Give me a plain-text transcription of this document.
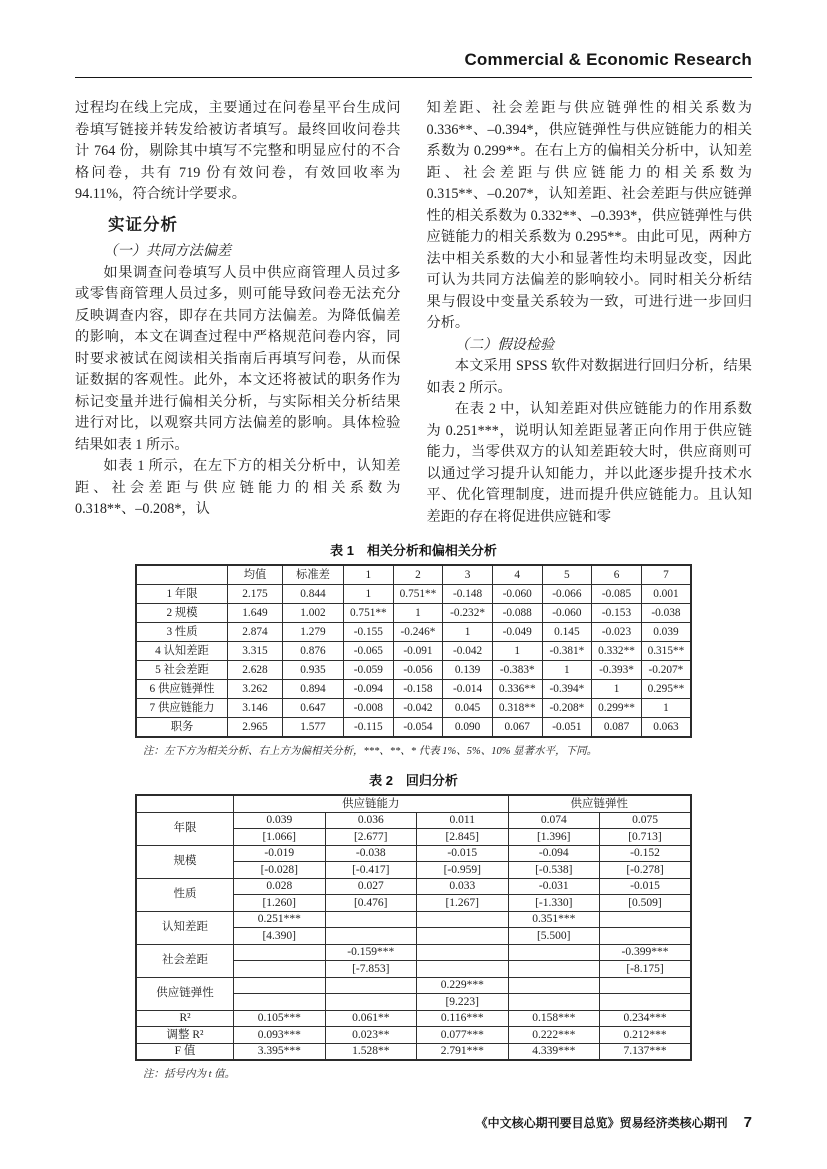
Commercial & Economic Research

过程均在线上完成，主要通过在问卷星平台生成问卷填写链接并转发给被访者填写。最终回收问卷共计 764 份，剔除其中填写不完整和明显应付的不合格问卷，共有 719 份有效问卷，有效回收率为 94.11%，符合统计学要求。

实证分析

（一）共同方法偏差

如果调查问卷填写人员中供应商管理人员过多或零售商管理人员过多，则可能导致问卷无法充分反映调查内容，即存在共同方法偏差。为降低偏差的影响，本文在调查过程中严格规范问卷内容，同时要求被试在阅读相关指南后再填写问卷，从而保证数据的客观性。此外，本文还将被试的职务作为标记变量并进行偏相关分析，与实际相关分析结果进行对比，以观察共同方法偏差的影响。具体检验结果如表 1 所示。

如表 1 所示，在左下方的相关分析中，认知差距、社会差距与供应链能力的相关系数为 0.318**、–0.208*，认

知差距、社会差距与供应链弹性的相关系数为 0.336**、–0.394*，供应链弹性与供应链能力的相关系数为 0.299**。在右上方的偏相关分析中，认知差距、社会差距与供应链能力的相关系数为 0.315**、–0.207*，认知差距、社会差距与供应链弹性的相关系数为 0.332**、–0.393*，供应链弹性与供应链能力的相关系数为 0.295**。由此可见，两种方法中相关系数的大小和显著性均未明显改变，因此可认为共同方法偏差的影响较小。同时相关分析结果与假设中变量关系较为一致，可进行进一步回归分析。

（二）假设检验

本文采用 SPSS 软件对数据进行回归分析，结果如表 2 所示。

在表 2 中，认知差距对供应链能力的作用系数为 0.251***，说明认知差距显著正向作用于供应链能力，当零供双方的认知差距较大时，供应商则可以通过学习提升认知能力，并以此逐步提升技术水平、优化管理制度，进而提升供应链能力。且认知差距的存在将促进供应链和零

表 1　相关分析和偏相关分析
	均值	标准差	1	2	3	4	5	6	7
1 年限	2.175	0.844	1	0.751**	-0.148	-0.060	-0.066	-0.085	0.001
2 规模	1.649	1.002	0.751**	1	-0.232*	-0.088	-0.060	-0.153	-0.038
3 性质	2.874	1.279	-0.155	-0.246*	1	-0.049	0.145	-0.023	0.039
4 认知差距	3.315	0.876	-0.065	-0.091	-0.042	1	-0.381*	0.332**	0.315**
5 社会差距	2.628	0.935	-0.059	-0.056	0.139	-0.383*	1	-0.393*	-0.207*
6 供应链弹性	3.262	0.894	-0.094	-0.158	-0.014	0.336**	-0.394*	1	0.295**
7 供应链能力	3.146	0.647	-0.008	-0.042	0.045	0.318**	-0.208*	0.299**	1
职务	2.965	1.577	-0.115	-0.054	0.090	0.067	-0.051	0.087	0.063
注：左下方为相关分析、右上方为偏相关分析，***、**、* 代表 1%、5%、10% 显著水平，下同。
表 2　回归分析
	供应链能力			供应链弹性	
年限	0.039	0.036	0.011	0.074	0.075
	[1.066]	[2.677]	[2.845]	[1.396]	[0.713]
规模	-0.019	-0.038	-0.015	-0.094	-0.152
	[-0.028]	[-0.417]	[-0.959]	[-0.538]	[-0.278]
性质	0.028	0.027	0.033	-0.031	-0.015
	[1.260]	[0.476]	[1.267]	[-1.330]	[0.509]
认知差距	0.251***			0.351***	
	[4.390]			[5.500]	
社会差距		-0.159***			-0.399***
		[-7.853]			[-8.175]
供应链弹性			0.229***		
			[9.223]		
R²	0.105***	0.061**	0.116***	0.158***	0.234***
调整 R²	0.093***	0.023**	0.077***	0.222***	0.212***
F 值	3.395***	1.528**	2.791***	4.339***	7.137***
注：括号内为 t 值。
《中文核心期刊要目总览》贸易经济类核心期刊 7
